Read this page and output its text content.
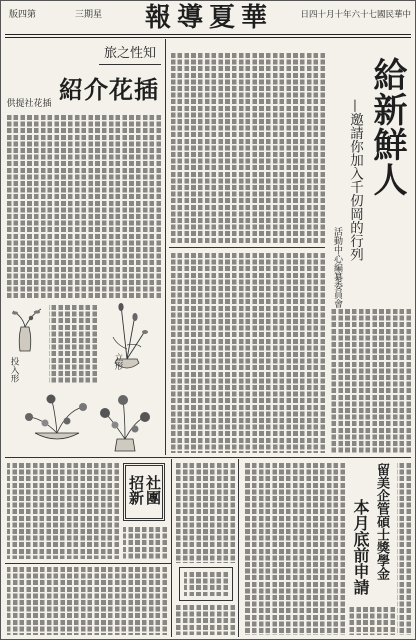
第四版	星期三	華夏導報	中華民國七十六年十月十四日
給新鮮人
—邀請你加入千仞岡的行列
活動中心編纂委員會
知性之旅
插花介紹
插花社提供
投入形	立形
社團招新	留美企管碩士獎學金
本月底前申請
